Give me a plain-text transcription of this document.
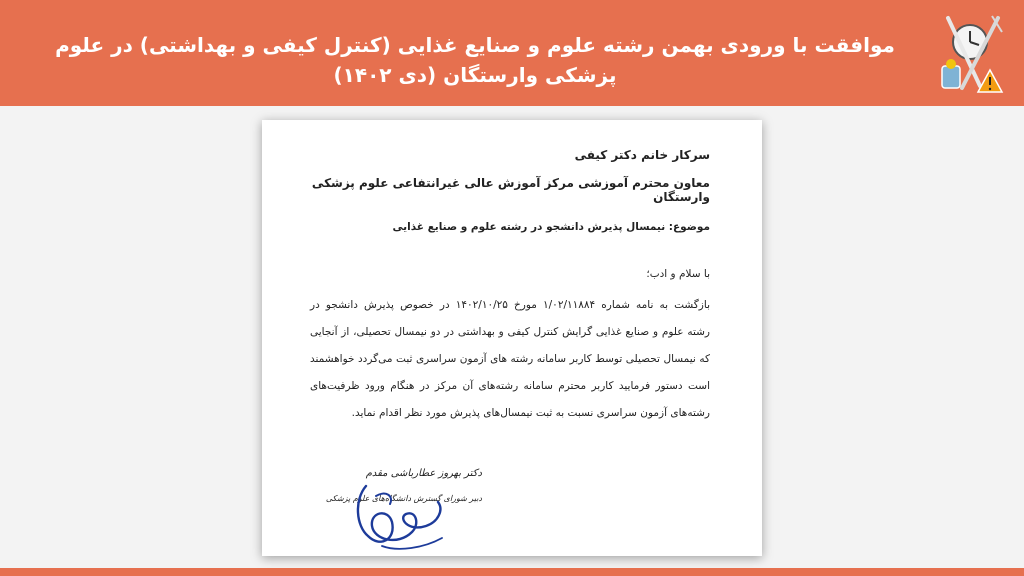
موافقت با ورودی بهمن رشته علوم و صنایع غذایی (کنترل کیفی و بهداشتی) در علوم پزشکی وارستگان (دی ۱۴۰۲)

سرکار خانم دکتر کیفی

معاون محترم آموزشی مرکز آموزش عالی غیرانتفاعی علوم پزشکی وارستگان

موضوع: نیمسال پذیرش دانشجو در رشته علوم و صنایع غذایی

با سلام و ادب؛

بازگشت به نامه شماره ۱/۰۲/۱۱۸۸۴ مورخ ۱۴۰۲/۱۰/۲۵ در خصوص پذیرش دانشجو در
رشته علوم و صنایع غذایی گرایش کنترل کیفی و بهداشتی در دو نیمسال تحصیلی، از آنجایی
که نیمسال تحصیلی توسط کاربر سامانه رشته های آزمون سراسری ثبت می‌گردد خواهشمند
است دستور فرمایید کاربر محترم سامانه رشته‌های آن مرکز در هنگام ورود ظرفیت‌های
رشته‌های آزمون سراسری نسبت به ثبت نیمسال‌های پذیرش مورد نظر اقدام نماید.

دکتر بهروز عطارباشی مقدم

دبیر شورای گسترش دانشگاه‌های علوم پزشکی
